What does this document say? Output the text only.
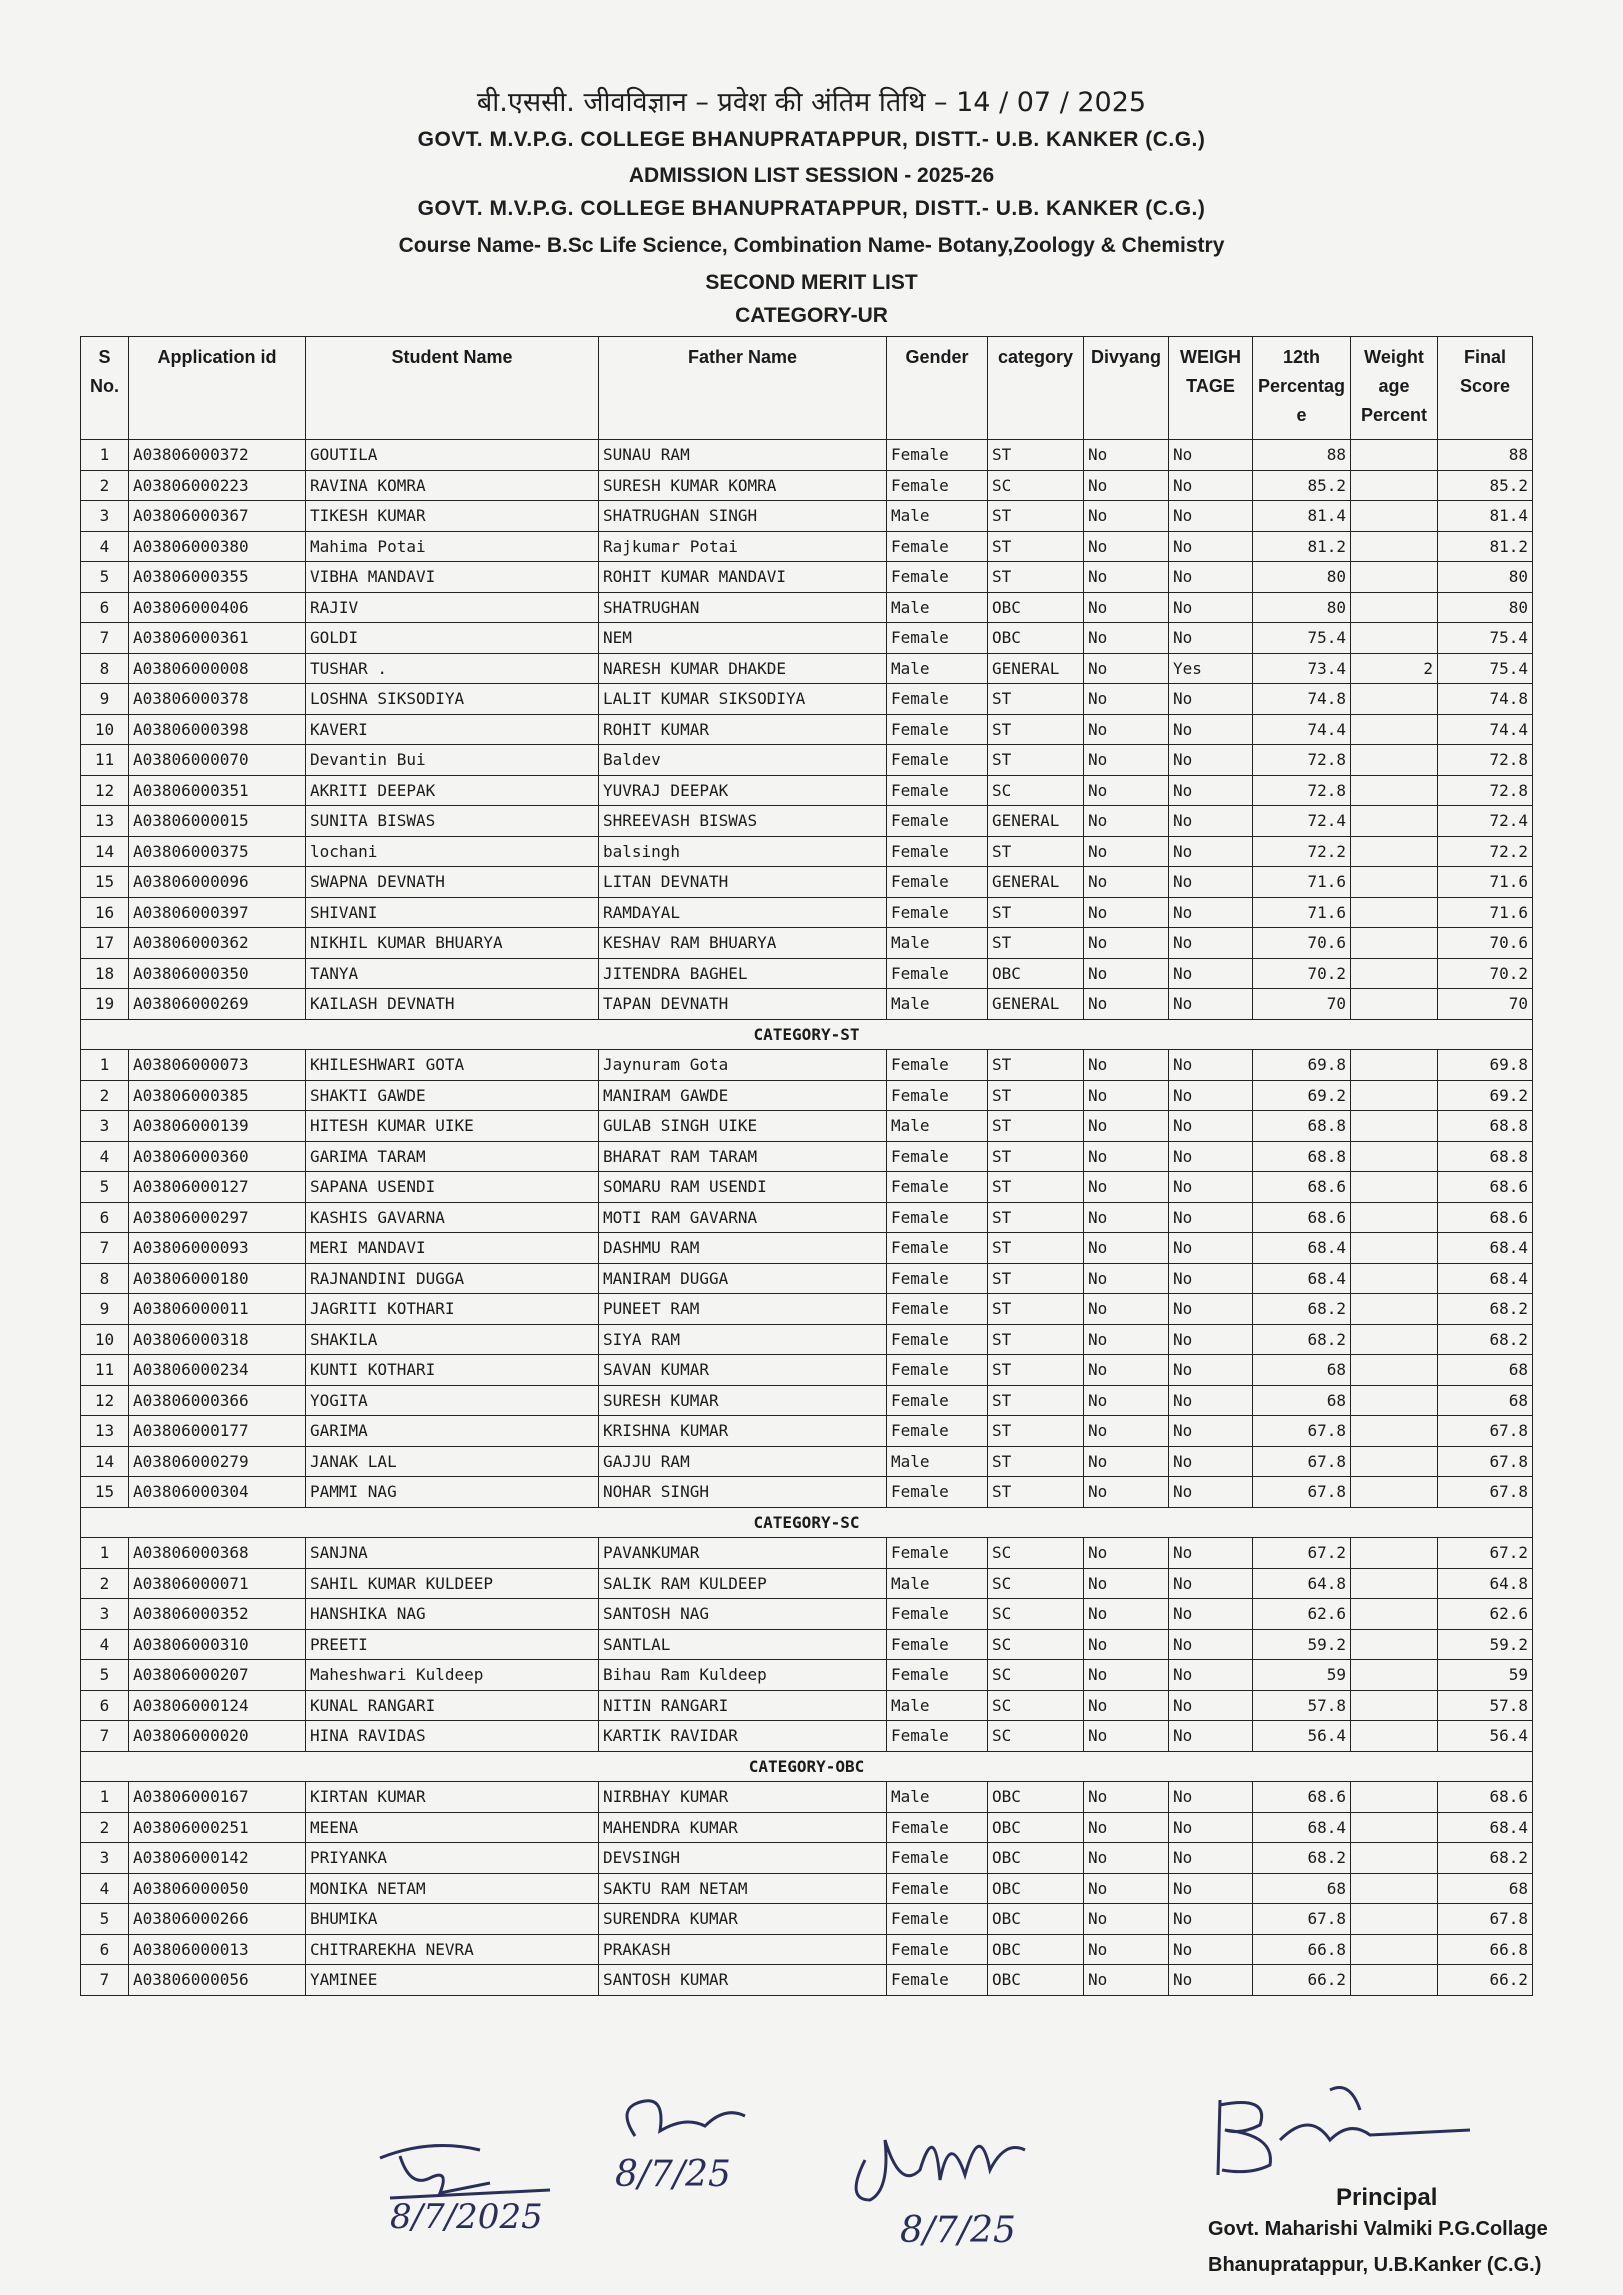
बी.एससी. जीवविज्ञान – प्रवेश की अंतिम तिथि – 14 / 07 / 2025
GOVT. M.V.P.G. COLLEGE BHANUPRATAPPUR, DISTT.- U.B. KANKER (C.G.)
ADMISSION LIST SESSION - 2025-26
GOVT. M.V.P.G. COLLEGE BHANUPRATAPPUR, DISTT.- U.B. KANKER (C.G.)
Course Name- B.Sc Life Science, Combination Name- Botany,Zoology & Chemistry
SECOND MERIT LIST
CATEGORY-UR
S No.	Application id	Student Name	Father Name	Gender	category	Divyang	WEIGH TAGE	12th Percentag e	Weight age Percent	Final Score
1	A03806000372	GOUTILA	SUNAU RAM	Female	ST	No	No	88		88
2	A03806000223	RAVINA KOMRA	SURESH KUMAR KOMRA	Female	SC	No	No	85.2		85.2
3	A03806000367	TIKESH KUMAR	SHATRUGHAN SINGH	Male	ST	No	No	81.4		81.4
4	A03806000380	Mahima Potai	Rajkumar Potai	Female	ST	No	No	81.2		81.2
5	A03806000355	VIBHA MANDAVI	ROHIT KUMAR MANDAVI	Female	ST	No	No	80		80
6	A03806000406	RAJIV	SHATRUGHAN	Male	OBC	No	No	80		80
7	A03806000361	GOLDI	NEM	Female	OBC	No	No	75.4		75.4
8	A03806000008	TUSHAR .	NARESH KUMAR DHAKDE	Male	GENERAL	No	Yes	73.4	2	75.4
9	A03806000378	LOSHNA SIKSODIYA	LALIT KUMAR SIKSODIYA	Female	ST	No	No	74.8		74.8
10	A03806000398	KAVERI	ROHIT KUMAR	Female	ST	No	No	74.4		74.4
11	A03806000070	Devantin Bui	Baldev	Female	ST	No	No	72.8		72.8
12	A03806000351	AKRITI DEEPAK	YUVRAJ DEEPAK	Female	SC	No	No	72.8		72.8
13	A03806000015	SUNITA BISWAS	SHREEVASH BISWAS	Female	GENERAL	No	No	72.4		72.4
14	A03806000375	lochani	balsingh	Female	ST	No	No	72.2		72.2
15	A03806000096	SWAPNA DEVNATH	LITAN DEVNATH	Female	GENERAL	No	No	71.6		71.6
16	A03806000397	SHIVANI	RAMDAYAL	Female	ST	No	No	71.6		71.6
17	A03806000362	NIKHIL KUMAR BHUARYA	KESHAV RAM BHUARYA	Male	ST	No	No	70.6		70.6
18	A03806000350	TANYA	JITENDRA BAGHEL	Female	OBC	No	No	70.2		70.2
19	A03806000269	KAILASH DEVNATH	TAPAN DEVNATH	Male	GENERAL	No	No	70		70
CATEGORY-ST										
1	A03806000073	KHILESHWARI GOTA	Jaynuram Gota	Female	ST	No	No	69.8		69.8
2	A03806000385	SHAKTI GAWDE	MANIRAM GAWDE	Female	ST	No	No	69.2		69.2
3	A03806000139	HITESH KUMAR UIKE	GULAB SINGH UIKE	Male	ST	No	No	68.8		68.8
4	A03806000360	GARIMA TARAM	BHARAT RAM TARAM	Female	ST	No	No	68.8		68.8
5	A03806000127	SAPANA USENDI	SOMARU RAM USENDI	Female	ST	No	No	68.6		68.6
6	A03806000297	KASHIS GAVARNA	MOTI RAM GAVARNA	Female	ST	No	No	68.6		68.6
7	A03806000093	MERI MANDAVI	DASHMU RAM	Female	ST	No	No	68.4		68.4
8	A03806000180	RAJNANDINI DUGGA	MANIRAM DUGGA	Female	ST	No	No	68.4		68.4
9	A03806000011	JAGRITI KOTHARI	PUNEET RAM	Female	ST	No	No	68.2		68.2
10	A03806000318	SHAKILA	SIYA RAM	Female	ST	No	No	68.2		68.2
11	A03806000234	KUNTI KOTHARI	SAVAN KUMAR	Female	ST	No	No	68		68
12	A03806000366	YOGITA	SURESH KUMAR	Female	ST	No	No	68		68
13	A03806000177	GARIMA	KRISHNA KUMAR	Female	ST	No	No	67.8		67.8
14	A03806000279	JANAK LAL	GAJJU RAM	Male	ST	No	No	67.8		67.8
15	A03806000304	PAMMI NAG	NOHAR SINGH	Female	ST	No	No	67.8		67.8
CATEGORY-SC										
1	A03806000368	SANJNA	PAVANKUMAR	Female	SC	No	No	67.2		67.2
2	A03806000071	SAHIL KUMAR KULDEEP	SALIK RAM KULDEEP	Male	SC	No	No	64.8		64.8
3	A03806000352	HANSHIKA NAG	SANTOSH NAG	Female	SC	No	No	62.6		62.6
4	A03806000310	PREETI	SANTLAL	Female	SC	No	No	59.2		59.2
5	A03806000207	Maheshwari Kuldeep	Bihau Ram Kuldeep	Female	SC	No	No	59		59
6	A03806000124	KUNAL RANGARI	NITIN RANGARI	Male	SC	No	No	57.8		57.8
7	A03806000020	HINA RAVIDAS	KARTIK RAVIDAR	Female	SC	No	No	56.4		56.4
CATEGORY-OBC										
1	A03806000167	KIRTAN KUMAR	NIRBHAY KUMAR	Male	OBC	No	No	68.6		68.6
2	A03806000251	MEENA	MAHENDRA KUMAR	Female	OBC	No	No	68.4		68.4
3	A03806000142	PRIYANKA	DEVSINGH	Female	OBC	No	No	68.2		68.2
4	A03806000050	MONIKA NETAM	SAKTU RAM NETAM	Female	OBC	No	No	68		68
5	A03806000266	BHUMIKA	SURENDRA KUMAR	Female	OBC	No	No	67.8		67.8
6	A03806000013	CHITRAREKHA NEVRA	PRAKASH	Female	OBC	No	No	66.8		66.8
7	A03806000056	YAMINEE	SANTOSH KUMAR	Female	OBC	No	No	66.2		66.2
8/7/2025
8/7/25
8/7/25
Principal
Govt. Maharishi Valmiki P.G.Collage
Bhanupratappur, U.B.Kanker (C.G.)
